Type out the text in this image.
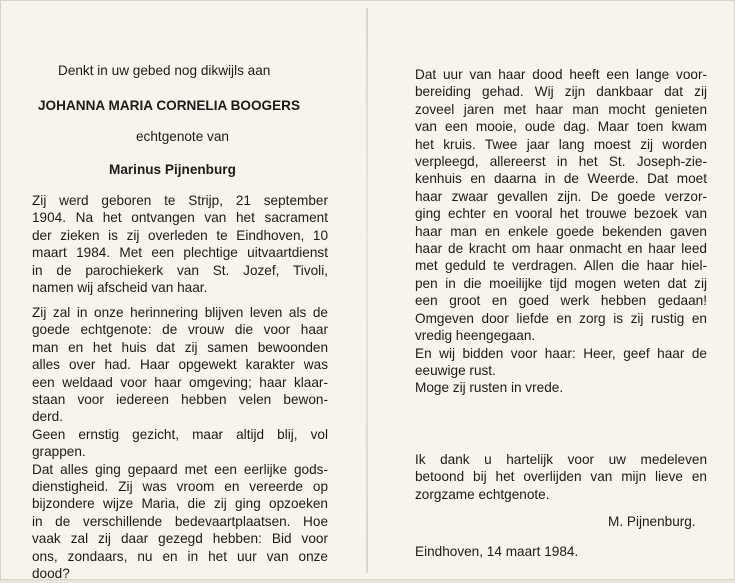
Denkt in uw gebed nog dikwijls aan
JOHANNA MARIA CORNELIA BOOGERS
echtgenote van
Marinus Pijnenburg
Zij werd geboren te Strijp, 21 september
1904. Na het ontvangen van het sacrament
der zieken is zij overleden te Eindhoven, 10
maart 1984. Met een plechtige uitvaartdienst
in de parochiekerk van St. Jozef, Tivoli,
namen wij afscheid van haar.
Zij zal in onze herinnering blijven leven als de
goede echtgenote: de vrouw die voor haar
man en het huis dat zij samen bewoonden
alles over had. Haar opgewekt karakter was
een weldaad voor haar omgeving; haar klaar-
staan voor iedereen hebben velen bewon-
derd.
Geen ernstig gezicht, maar altijd blij, vol
grappen.
Dat alles ging gepaard met een eerlijke gods-
dienstigheid. Zij was vroom en vereerde op
bijzondere wijze Maria, die zij ging opzoeken
in de verschillende bedevaartplaatsen. Hoe
vaak zal zij daar gezegd hebben: Bid voor
ons, zondaars, nu en in het uur van onze
dood?
Dat uur van haar dood heeft een lange voor-
bereiding gehad. Wij zijn dankbaar dat zij
zoveel jaren met haar man mocht genieten
van een mooie, oude dag. Maar toen kwam
het kruis. Twee jaar lang moest zij worden
verpleegd, allereerst in het St. Joseph-zie-
kenhuis en daarna in de Weerde. Dat moet
haar zwaar gevallen zijn. De goede verzor-
ging echter en vooral het trouwe bezoek van
haar man en enkele goede bekenden gaven
haar de kracht om haar onmacht en haar leed
met geduld te verdragen. Allen die haar hiel-
pen in die moeilijke tijd mogen weten dat zij
een groot en goed werk hebben gedaan!
Omgeven door liefde en zorg is zij rustig en
vredig heengegaan.
En wij bidden voor haar: Heer, geef haar de
eeuwige rust.
Moge zij rusten in vrede.
Ik dank u hartelijk voor uw medeleven
betoond bij het overlijden van mijn lieve en
zorgzame echtgenote.
M. Pijnenburg.
Eindhoven, 14 maart 1984.
